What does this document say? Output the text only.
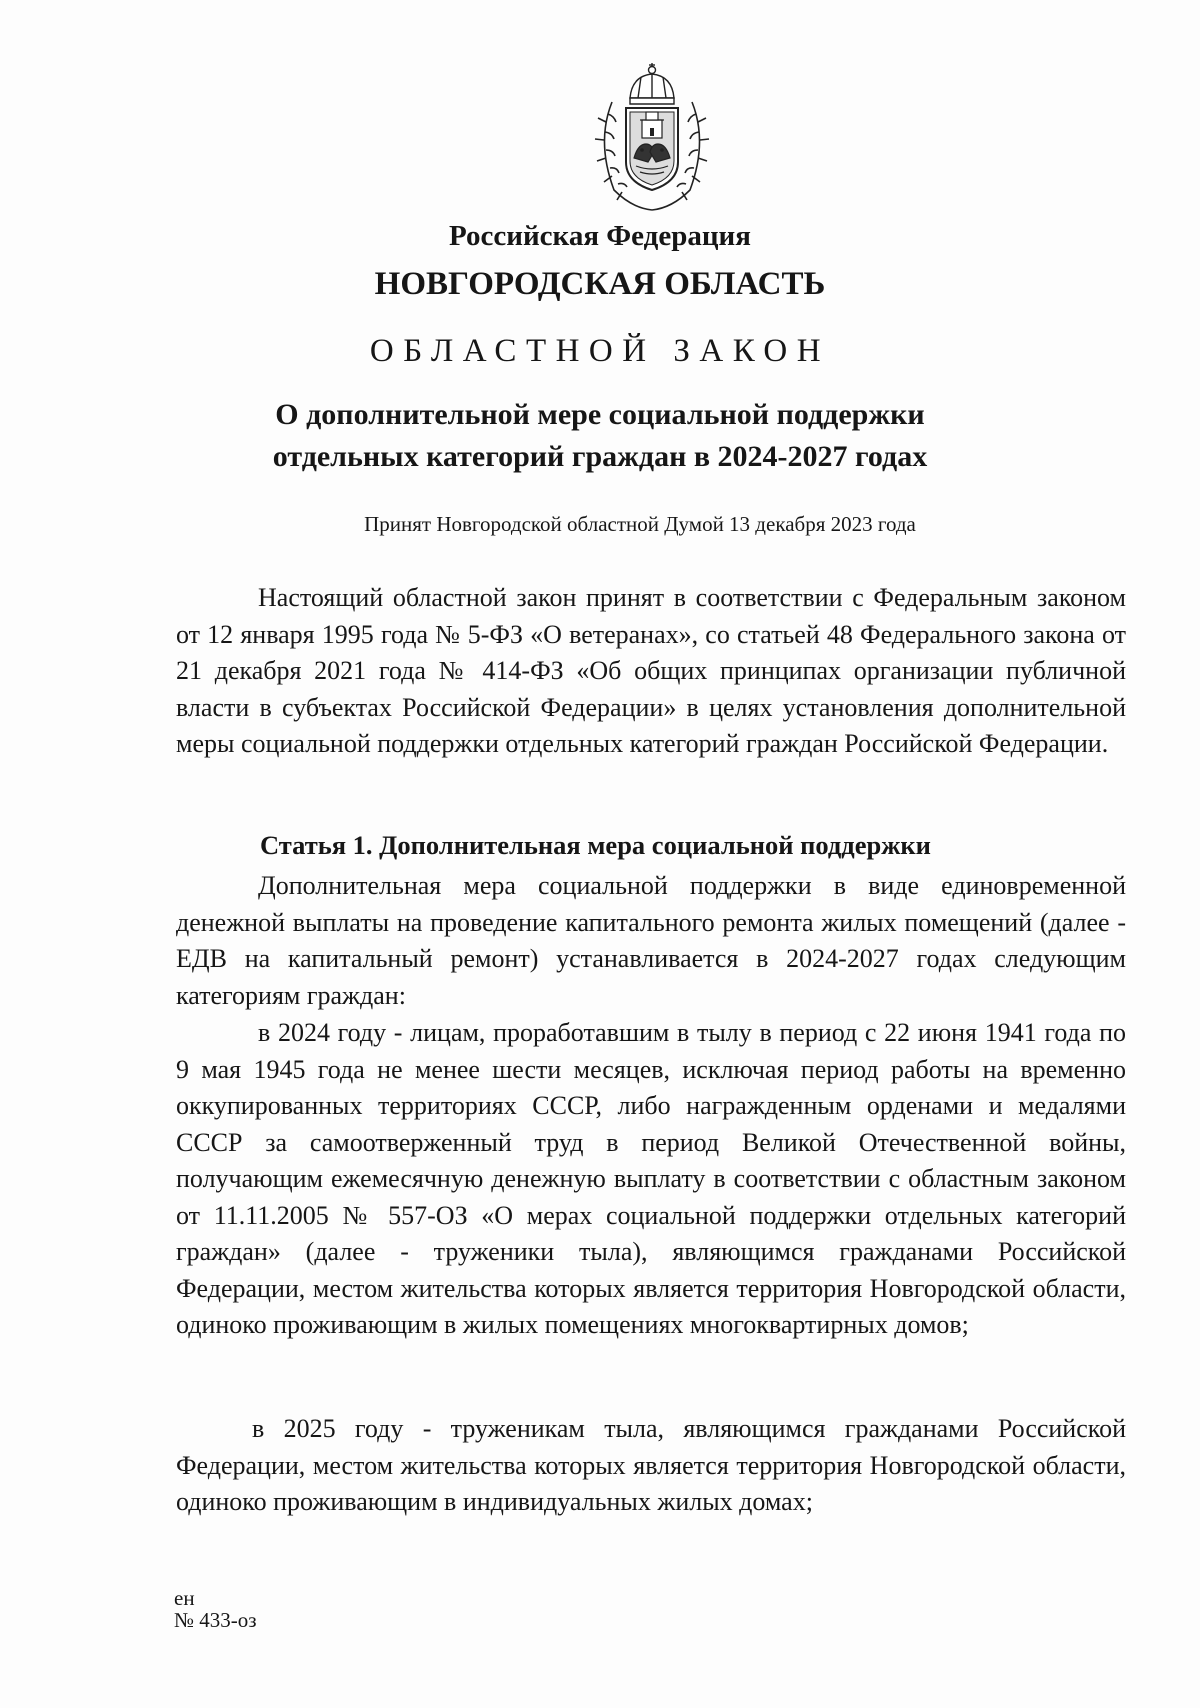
Российская Федерация

НОВГОРОДСКАЯ ОБЛАСТЬ

ОБЛАСТНОЙ ЗАКОН

О дополнительной мере социальной поддержки

отдельных категорий граждан в 2024-2027 годах

Принят Новгородской областной Думой 13 декабря 2023 года

Настоящий областной закон принят в соответствии с Федеральным законом от 12 января 1995 года № 5-ФЗ «О ветеранах», со статьей 48 Федерального закона от 21 декабря 2021 года № 414-ФЗ «Об общих принципах организации публичной власти в субъектах Российской Федерации» в целях установления дополнительной меры социальной поддержки отдельных категорий граждан Российской Федерации.

Статья 1. Дополнительная мера социальной поддержки

Дополнительная мера социальной поддержки в виде единовременной денежной выплаты на проведение капитального ремонта жилых помещений (далее - ЕДВ на капитальный ремонт) устанавливается в 2024-2027 годах следующим категориям граждан:

в 2024 году - лицам, проработавшим в тылу в период с 22 июня 1941 года по 9 мая 1945 года не менее шести месяцев, исключая период работы на временно оккупированных территориях СССР, либо награжденным орденами и медалями СССР за самоотверженный труд в период Великой Отечественной войны, получающим ежемесячную денежную выплату в соответствии с областным законом от 11.11.2005 № 557-ОЗ «О мерах социальной поддержки отдельных категорий граждан» (далее - труженики тыла), являющимся гражданами Российской Федерации, местом жительства которых является территория Новгородской области, одиноко проживающим в жилых помещениях многоквартирных домов;

в 2025 году - труженикам тыла, являющимся гражданами Российской Федерации, местом жительства которых является территория Новгородской области, одиноко проживающим в индивидуальных жилых домах;

ен
№ 433-оз
